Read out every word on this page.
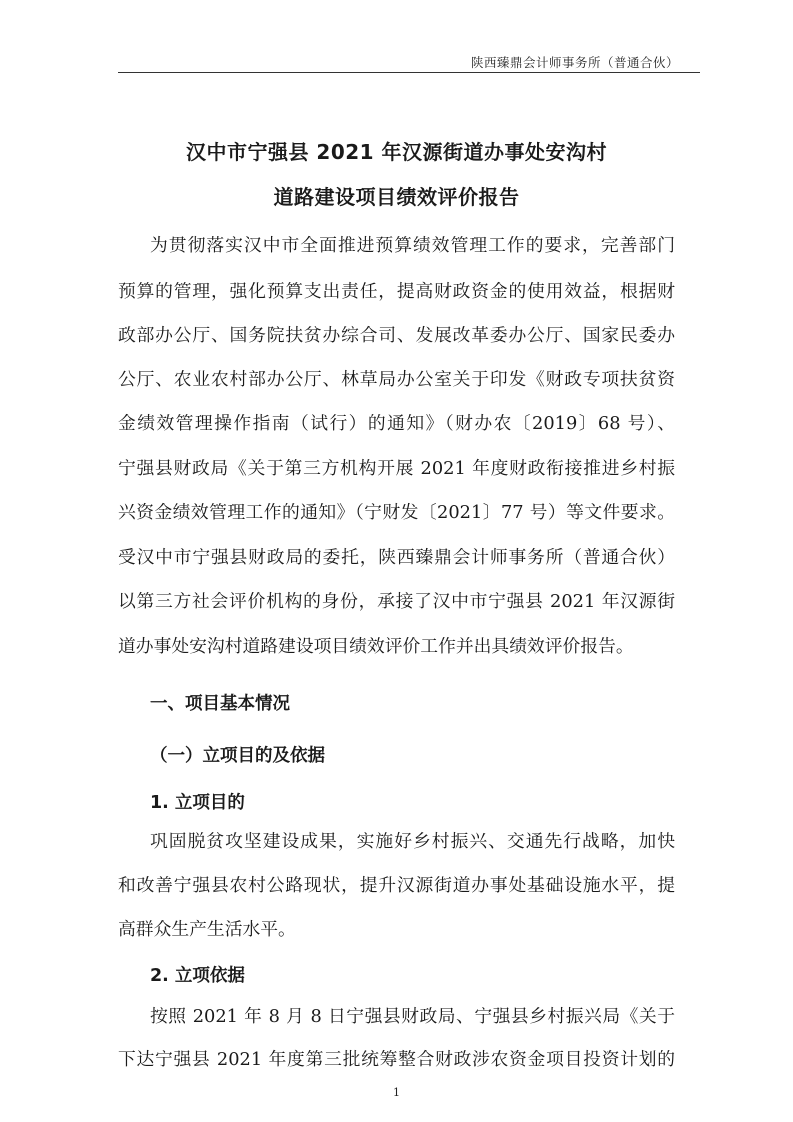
陕西臻鼎会计师事务所（普通合伙）
汉中市宁强县 2021 年汉源街道办事处安沟村
道路建设项目绩效评价报告
为贯彻落实汉中市全面推进预算绩效管理工作的要求，完善部门
预算的管理，强化预算支出责任，提高财政资金的使用效益，根据财
政部办公厅、国务院扶贫办综合司、发展改革委办公厅、国家民委办
公厅、农业农村部办公厅、林草局办公室关于印发《财政专项扶贫资
金绩效管理操作指南（试行）的通知》（财办农〔2019〕68 号）、
宁强县财政局《关于第三方机构开展 2021 年度财政衔接推进乡村振
兴资金绩效管理工作的通知》（宁财发〔2021〕77 号）等文件要求。
受汉中市宁强县财政局的委托，陕西臻鼎会计师事务所（普通合伙）
以第三方社会评价机构的身份，承接了汉中市宁强县 2021 年汉源街
道办事处安沟村道路建设项目绩效评价工作并出具绩效评价报告。
一、项目基本情况
（一）立项目的及依据
1. 立项目的
巩固脱贫攻坚建设成果，实施好乡村振兴、交通先行战略，加快
和改善宁强县农村公路现状，提升汉源街道办事处基础设施水平，提
高群众生产生活水平。
2. 立项依据
按照 2021 年 8 月 8 日宁强县财政局、宁强县乡村振兴局《关于
下达宁强县 2021 年度第三批统筹整合财政涉农资金项目投资计划的
1
